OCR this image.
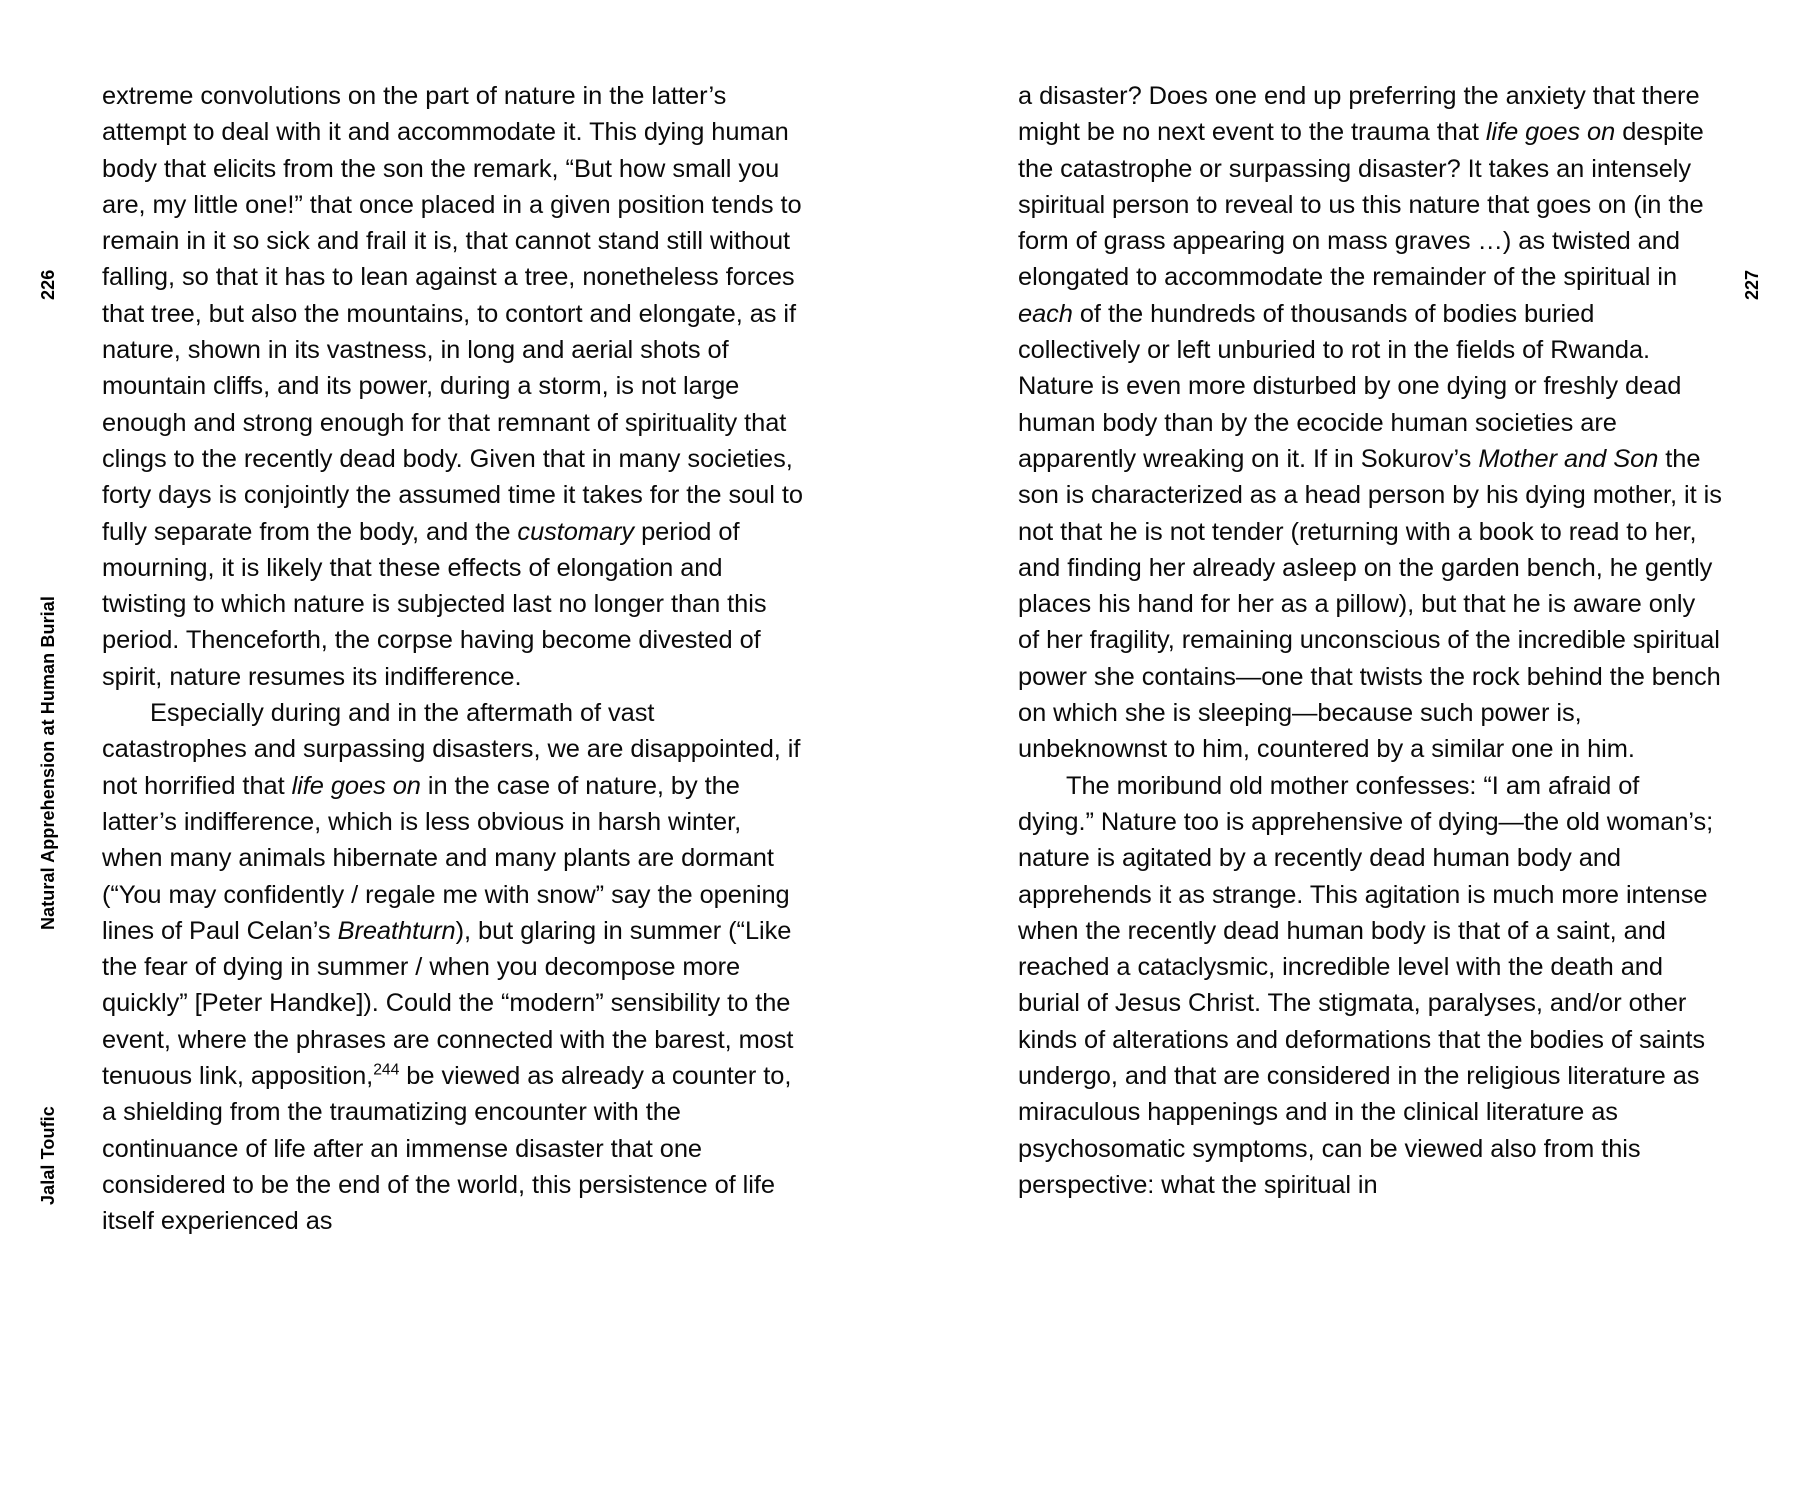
226
Natural Apprehension at Human Burial
Jalal Toufic
227

extreme convolutions on the part of nature in the latter’s attempt to deal with it and accommodate it. This dying human body that elicits from the son the remark, “But how small you are, my little one!” that once placed in a given position tends to remain in it so sick and frail it is, that cannot stand still without falling, so that it has to lean against a tree, nonetheless forces that tree, but also the mountains, to contort and elongate, as if nature, shown in its vastness, in long and aerial shots of mountain cliffs, and its power, during a storm, is not large enough and strong enough for that remnant of spirituality that clings to the recently dead body. Given that in many societies, forty days is conjointly the assumed time it takes for the soul to fully separate from the body, and the customary period of mourning, it is likely that these effects of elongation and twisting to which nature is subjected last no longer than this period. Thenceforth, the corpse having become divested of spirit, nature resumes its indifference.

Especially during and in the aftermath of vast catastrophes and surpassing disasters, we are disappointed, if not horrified that life goes on in the case of nature, by the latter’s indifference, which is less obvious in harsh winter, when many animals hibernate and many plants are dormant (“You may confidently / regale me with snow” say the opening lines of Paul Celan’s Breathturn), but glaring in summer (“Like the fear of dying in summer / when you decompose more quickly” [Peter Handke]). Could the “modern” sensibility to the event, where the phrases are connected with the barest, most tenuous link, apposition,$^{244}$ be viewed as already a counter to, a shielding from the traumatizing encounter with the continuance of life after an immense disaster that one considered to be the end of the world, this persistence of life itself experienced as

a disaster? Does one end up preferring the anxiety that there might be no next event to the trauma that life goes on despite the catastrophe or surpassing disaster? It takes an intensely spiritual person to reveal to us this nature that goes on (in the form of grass appearing on mass graves …) as twisted and elongated to accommodate the remainder of the spiritual in each of the hundreds of thousands of bodies buried collectively or left unburied to rot in the fields of Rwanda. Nature is even more disturbed by one dying or freshly dead human body than by the ecocide human societies are apparently wreaking on it. If in Sokurov’s Mother and Son the son is characterized as a head person by his dying mother, it is not that he is not tender (returning with a book to read to her, and finding her already asleep on the garden bench, he gently places his hand for her as a pillow), but that he is aware only of her fragility, remaining unconscious of the incredible spiritual power she contains—one that twists the rock behind the bench on which she is sleeping—because such power is, unbeknownst to him, countered by a similar one in him.

The moribund old mother confesses: “I am afraid of dying.” Nature too is apprehensive of dying—the old woman’s; nature is agitated by a recently dead human body and apprehends it as strange. This agitation is much more intense when the recently dead human body is that of a saint, and reached a cataclysmic, incredible level with the death and burial of Jesus Christ. The stigmata, paralyses, and/or other kinds of alterations and deformations that the bodies of saints undergo, and that are considered in the religious literature as miraculous happenings and in the clinical literature as psychosomatic symptoms, can be viewed also from this perspective: what the spiritual in
